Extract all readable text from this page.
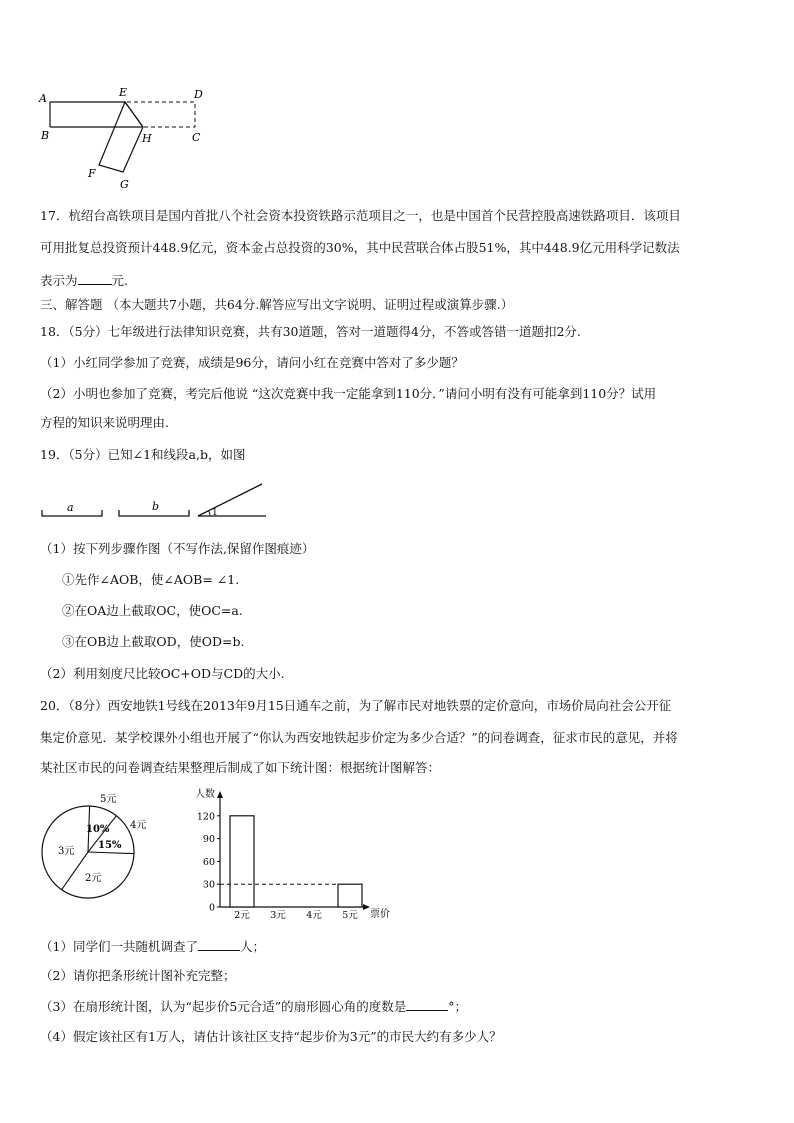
A	E	D
B	H	C
F
G
17．杭绍台高铁项目是国内首批八个社会资本投资铁路示范项目之一，也是中国首个民营控股高速铁路项目．该项目
可用批复总投资预计448.9亿元，资本金占总投资的30%，其中民营联合体占股51%，其中448.9亿元用科学记数法
表示为	元.
三、解答题 （本大题共7小题，共64分.解答应写出文字说明、证明过程或演算步骤.）
18．（5分）七年级进行法律知识竞赛，共有30道题，答对一道题得4分，不答或答错一道题扣2分.
（1）小红同学参加了竞赛，成绩是96分，请问小红在竞赛中答对了多少题？
（2）小明也参加了竞赛，考完后他说 “这次竞赛中我一定能拿到110分．”请问小明有没有可能拿到110分？试用
方程的知识来说明理由.
19．（5分）已知∠1和线段a,b，如图
a	b	1
（1）按下列步骤作图（不写作法,保留作图痕迹）
①先作∠AOB，使∠AOB= ∠1.
②在OA边上截取OC，使OC=a.
③在OB边上截取OD，使OD=b.
（2）利用刻度尺比较OC+OD与CD的大小.
20．（8分）西安地铁1号线在2013年9月15日通车之前，为了解市民对地铁票的定价意向，市场价局向社会公开征
集定价意见．某学校课外小组也开展了“你认为西安地铁起步价定为多少合适？”的问卷调查，征求市民的意见，并将
某社区市民的问卷调查结果整理后制成了如下统计图：根据统计图解答：
5元
4元
3元
2元
10%
15%
人数
票价
0
30
60
90
120
2元 3元 4元 5元
（1）同学们一共随机调查了	人；
（2）请你把条形统计图补充完整；
（3）在扇形统计图，认为“起步价5元合适”的扇形圆心角的度数是	°；
（4）假定该社区有1万人，请估计该社区支持“起步价为3元”的市民大约有多少人？
